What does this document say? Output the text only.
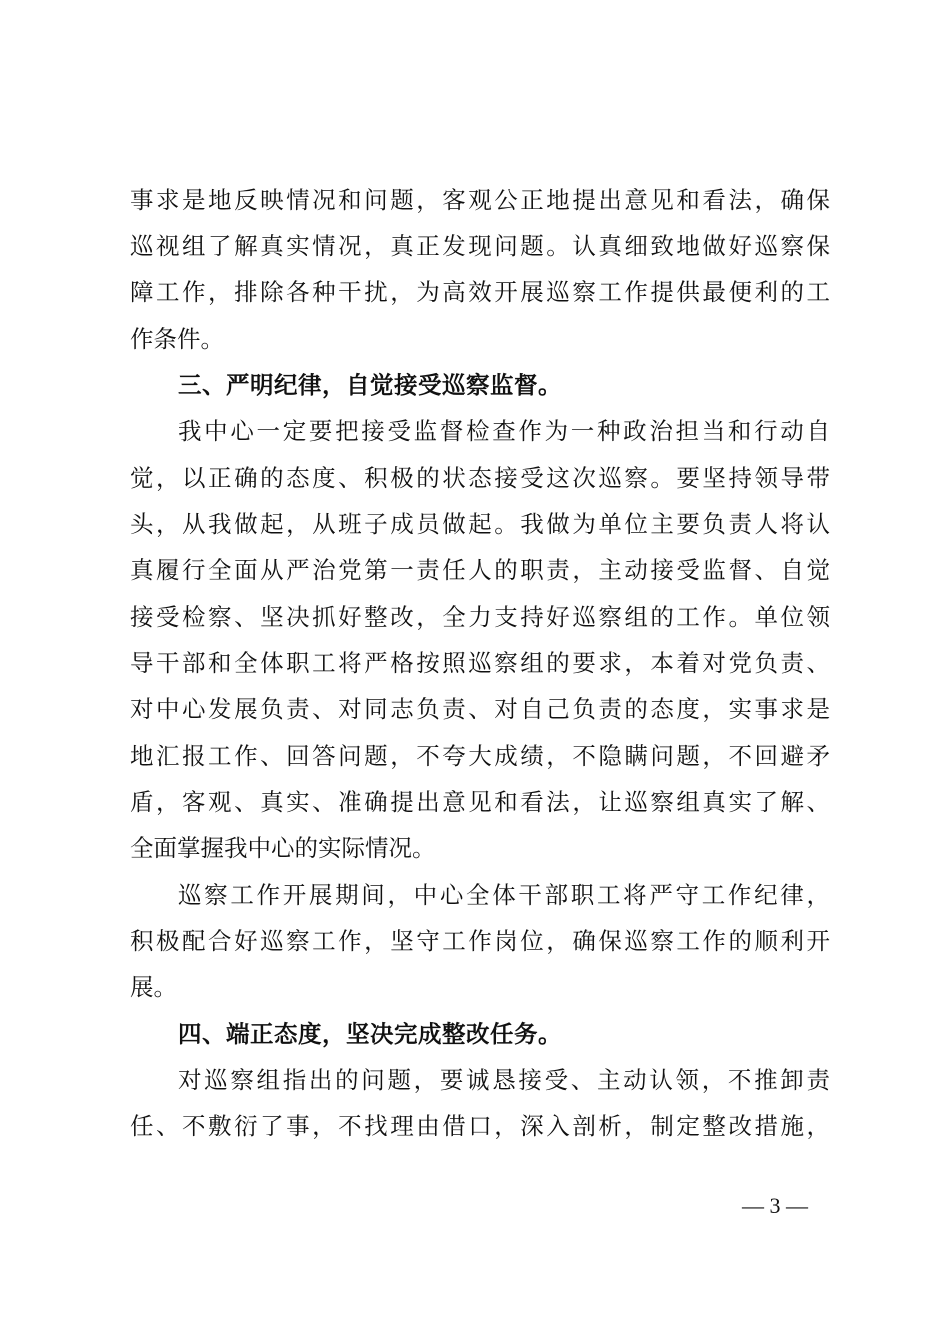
事求是地反映情况和问题，客观公正地提出意见和看法，确保
巡视组了解真实情况，真正发现问题。认真细致地做好巡察保
障工作，排除各种干扰，为高效开展巡察工作提供最便利的工
作条件。
三、严明纪律，自觉接受巡察监督。
我中心一定要把接受监督检查作为一种政治担当和行动自
觉，以正确的态度、积极的状态接受这次巡察。要坚持领导带
头，从我做起，从班子成员做起。我做为单位主要负责人将认
真履行全面从严治党第一责任人的职责，主动接受监督、自觉
接受检察、坚决抓好整改，全力支持好巡察组的工作。单位领
导干部和全体职工将严格按照巡察组的要求，本着对党负责、
对中心发展负责、对同志负责、对自己负责的态度，实事求是
地汇报工作、回答问题，不夸大成绩，不隐瞒问题，不回避矛
盾，客观、真实、准确提出意见和看法，让巡察组真实了解、
全面掌握我中心的实际情况。
巡察工作开展期间，中心全体干部职工将严守工作纪律，
积极配合好巡察工作，坚守工作岗位，确保巡察工作的顺利开
展。
四、端正态度，坚决完成整改任务。
对巡察组指出的问题，要诚恳接受、主动认领，不推卸责
任、不敷衍了事，不找理由借口，深入剖析，制定整改措施，
— 3 —
